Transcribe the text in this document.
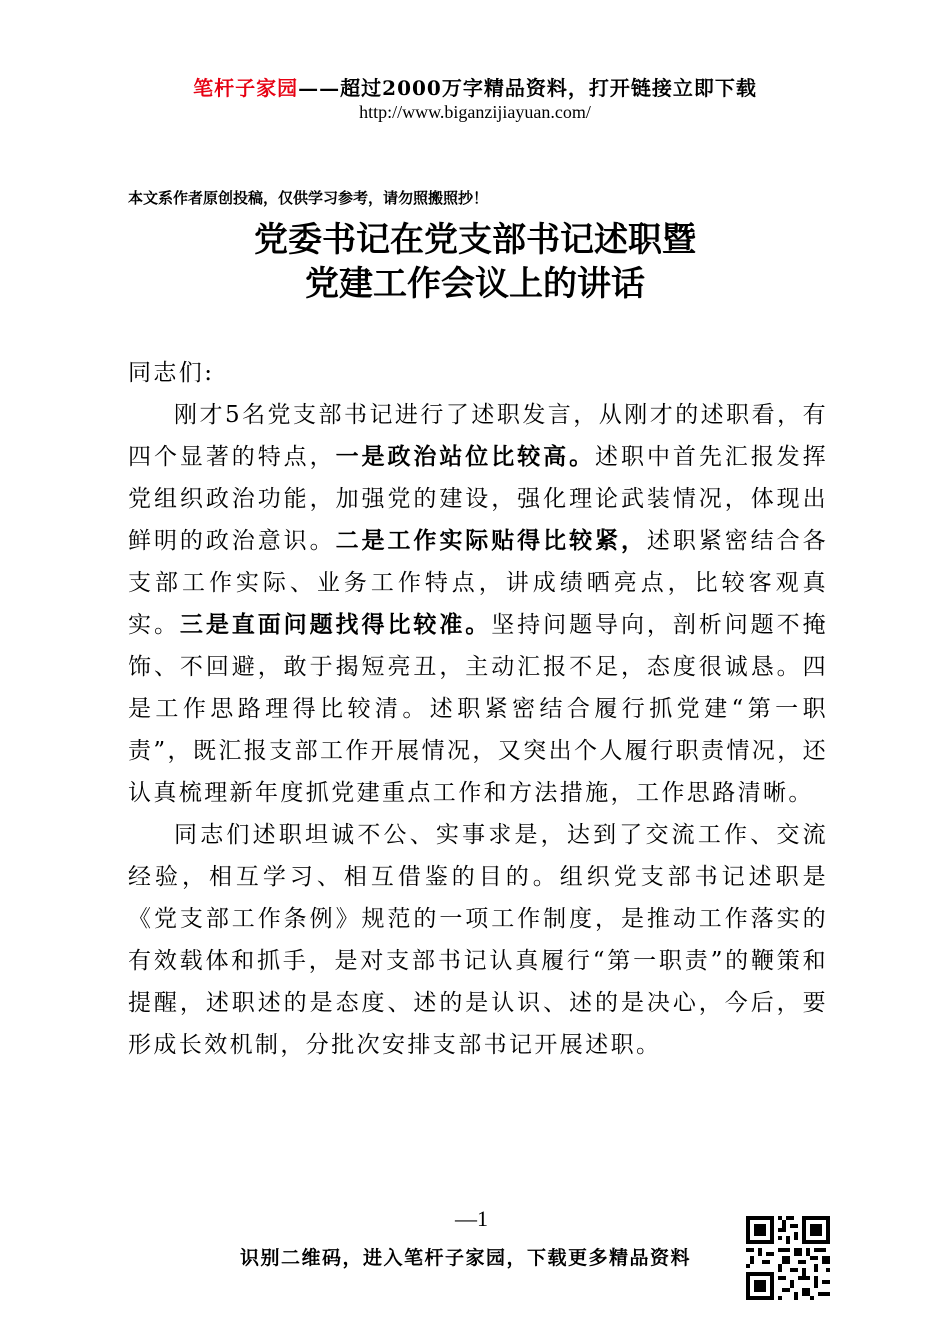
笔杆子家园——超过2000万字精品资料，打开链接立即下载
http://www.biganzijiayuan.com/
本文系作者原创投稿，仅供学习参考，请勿照搬照抄！
党委书记在党支部书记述职暨
党建工作会议上的讲话

同志们:

刚才5名党支部书记进行了述职发言，从刚才的述职看，有四个显著的特点，一是政治站位比较高。述职中首先汇报发挥党组织政治功能，加强党的建设，强化理论武装情况，体现出鲜明的政治意识。二是工作实际贴得比较紧，述职紧密结合各支部工作实际、业务工作特点，讲成绩晒亮点，比较客观真实。三是直面问题找得比较准。坚持问题导向，剖析问题不掩饰、不回避，敢于揭短亮丑，主动汇报不足，态度很诚恳。四是工作思路理得比较清。述职紧密结合履行抓党建“第一职责”，既汇报支部工作开展情况，又突出个人履行职责情况，还认真梳理新年度抓党建重点工作和方法措施，工作思路清晰。

同志们述职坦诚不公、实事求是，达到了交流工作、交流经验，相互学习、相互借鉴的目的。组织党支部书记述职是《党支部工作条例》规范的一项工作制度，是推动工作落实的有效载体和抓手，是对支部书记认真履行“第一职责”的鞭策和提醒，述职述的是态度、述的是认识、述的是决心，今后，要形成长效机制，分批次安排支部书记开展述职。

—1
识别二维码，进入笔杆子家园，下载更多精品资料
